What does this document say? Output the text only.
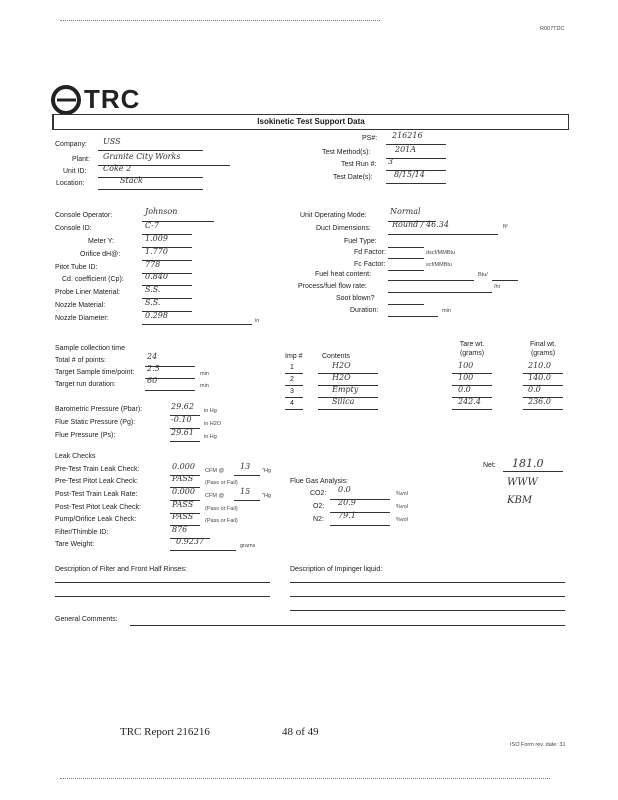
R007TDC
TRC
Isokinetic Test Support Data
Company: USS
Plant: Granite City Works
Unit ID: Coke 2
Location:	Stack
PS#: 216216
Test Method(s):	201A
Test Run #: 3
Test Date(s):	8/15/14
Console Operator:	Johnson
Console ID:	C-7
Meter Y:	1.009
Orifice dH@:	1.770
Pitot Tube ID:	778
Cd. coefficient (Cp):	0.840
Probe Liner Material:	S.S.
Nozzle Material:	S.S.
Nozzle Diameter:	0.298
in
Unit Operating Mode:	Normal
Duct Dimensions:	Round / 46.34	ft²
Fuel Type:
Fd Factor:	dscf/MMBtu
Fc Factor:	scf/MMBtu
Fuel heat content:	Btu/
Process/fuel flow rate:	/hr
Soot blown?
Duration:	min
Sample collection time
Total # of points:	24
Target Sample time/point: 2.5
min
Target run duration:	60
min
Imp #	Contents
Tare wt. (grams)
Final wt. (grams)
1	H2O	100	210.0
2	H2O	100	140.0
3	Empty	0.0	0.0
4	Silica	242.4	236.0
Barometric Pressure (Pbar):	29.62 in Hg
Flue Static Pressure (Pg):	-0.10 in H2O
Flue Pressure (Ps):	29.61 in Hg
Net: 181.0
Leak Checks
Pre-Test Train Leak Check:	0.000 CFM @ 13 "Hg
Pre-Test Pitot Leak Check:	PASS (Pass or Fail)
Post-Test Train Leak Rate:	0.000 CFM @ 15 "Hg
Post-Test Pitot Leak Check:	PASS (Pass or Fail)
Pump/Orifice Leak Check:	PASS (Pass or Fail)
Filter/Thimble ID:	876
Tare Weight:	0.9237	grams
Flue Gas Analysis:
CO2: 0.0	%vol
O2: 20.9	%vol
N2: 79.1	%vol
WWW
KBM
Description of Filter and Front Half Rinses:	Description of Impinger liquid:
General Comments:
TRC Report 216216	48 of 49
ISO Form rev. date: 31
